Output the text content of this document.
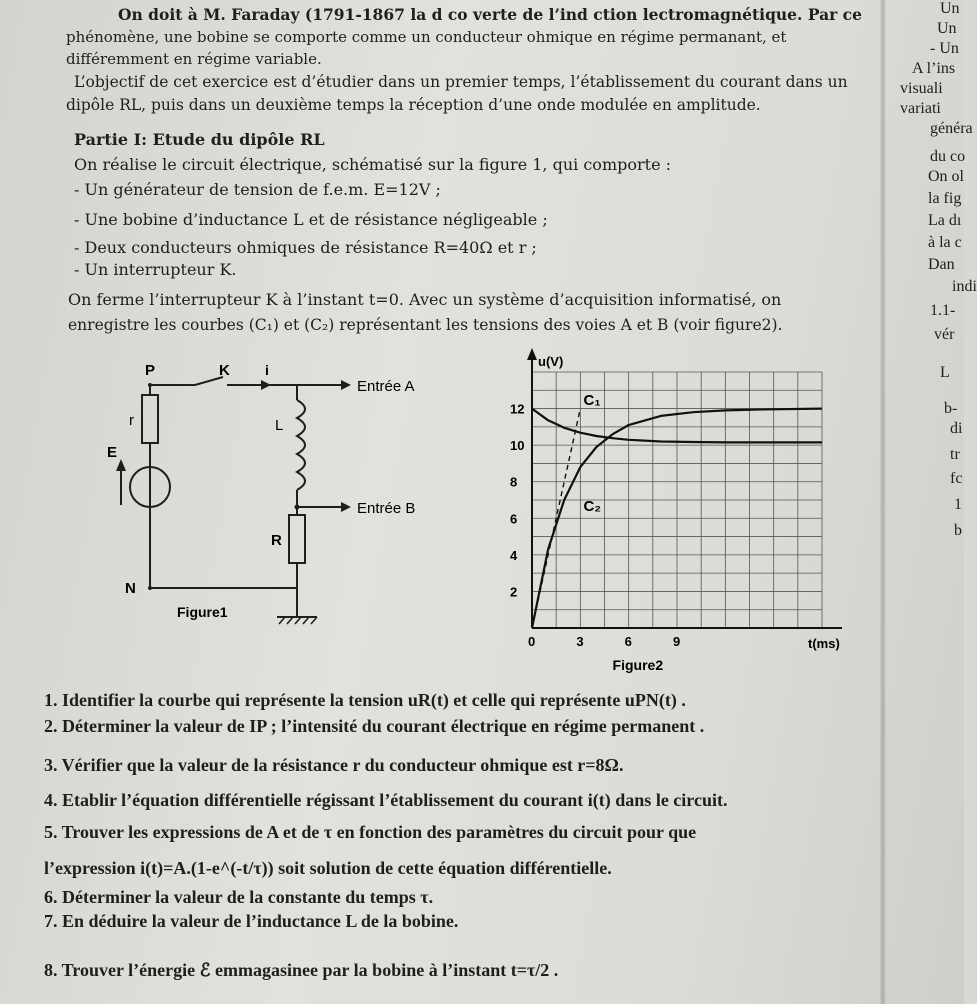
On doit à M. Faraday (1791-1867 la d co verte de l’ind ction lectromagnétique. Par ce
phénomène, une bobine se comporte comme un conducteur ohmique en régime permanant, et
différemment en régime variable.
L’objectif de cet exercice est d’étudier dans un premier temps, l’établissement du courant dans un
dipôle RL, puis dans un deuxième temps la réception d’une onde modulée en amplitude.
Partie I: Etude du dipôle RL
On réalise le circuit électrique, schématisé sur la figure 1, qui comporte :
- Un générateur de tension de f.e.m. E=12V ;
- Une bobine d’inductance L et de résistance négligeable ;
- Deux conducteurs ohmiques de résistance R=40Ω et r ;
- Un interrupteur K.
On ferme l’interrupteur K à l’instant t=0. Avec un système d’acquisition informatisé, on
enregistre les courbes (C₁) et (C₂) représentant les tensions des voies A et B (voir figure2).
P	K	i
r
E
L
R
N
Entrée A
Entrée B
Figure1
2
4
6
8
10
12
0	3	6	9	t(ms)
u(V)
Figure2
C₁
C₂
1. Identifier la courbe qui représente la tension uR(t) et celle qui représente uPN(t) .
2. Déterminer la valeur de IP ; l’intensité du courant électrique en régime permanent .
3. Vérifier que la valeur de la résistance r du conducteur ohmique est r=8Ω.
4. Etablir l’équation différentielle régissant l’établissement du courant i(t) dans le circuit.
5. Trouver les expressions de A et de τ en fonction des paramètres du circuit pour que
l’expression i(t)=A.(1-e^(-t/τ)) soit solution de cette équation différentielle.
6. Déterminer la valeur de la constante du temps τ.
7. En déduire la valeur de l’inductance L de la bobine.
8. Trouver l’énergie ℰ emmagasinee par la bobine à l’instant t=τ/2 .
Un
Un
- Un
A l’ins
visuali
variati
généra
du co
On ol
la fig
La dı
à la c
Dan
indi
1.1-
vér
L
b-
di
tr
fc
1
b
